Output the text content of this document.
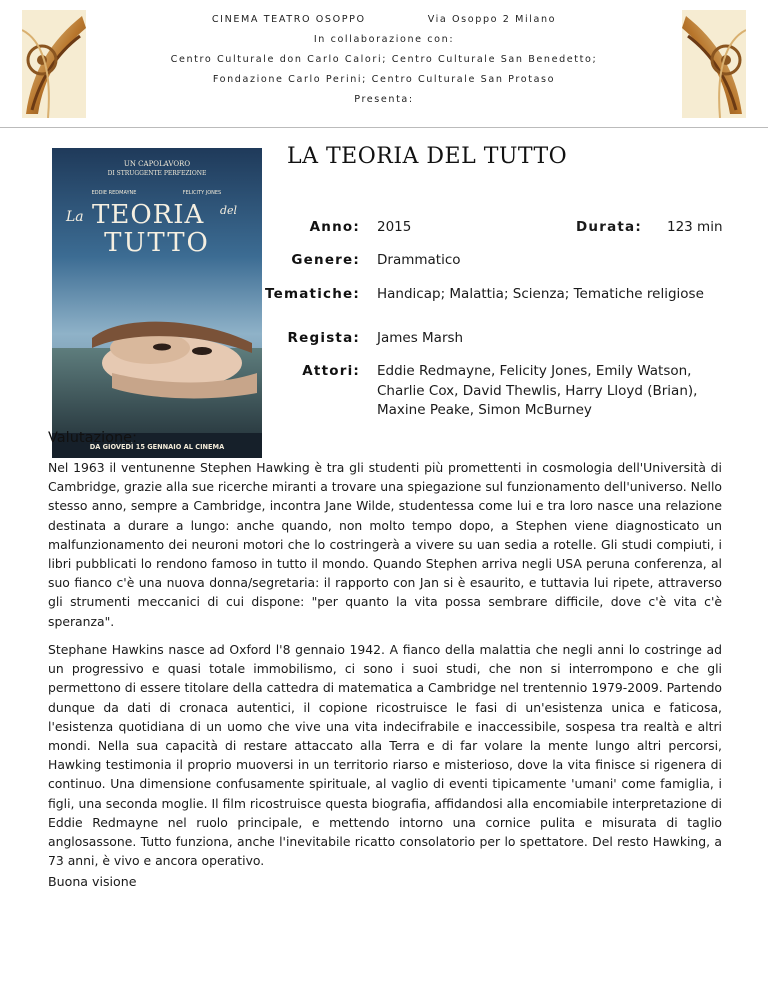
CINEMA TEATRO OSOPPO	Via Osoppo 2 Milano
In collaborazione con:
Centro Culturale don Carlo Calori; Centro Culturale San Benedetto;
Fondazione Carlo Perini; Centro Culturale San Protaso
Presenta:
LA TEORIA DEL TUTTO
UN CAPOLAVORO
DI STRUGGENTE PERFEZIONE
EDDIE REDMAYNE	FELICITY JONES
La TEORIA del
TUTTO
DA GIOVEDÌ 15 GENNAIO AL CINEMA
Anno: 2015	Durata: 123 min
Genere: Drammatico
Tematiche: Handicap; Malattia; Scienza; Tematiche religiose
Regista: James Marsh
Attori: Eddie Redmayne, Felicity Jones, Emily Watson, Charlie Cox, David Thewlis, Harry Lloyd (Brian), Maxine Peake, Simon McBurney
Valutazione:
Nel 1963 il ventunenne Stephen Hawking è tra gli studenti più promettenti in cosmologia dell'Università di Cambridge, grazie alla sue ricerche miranti a trovare una spiegazione sul funzionamento dell'universo. Nello stesso anno, sempre a Cambridge, incontra Jane Wilde, studentessa come lui e tra loro nasce una relazione destinata a durare a lungo: anche quando, non molto tempo dopo, a Stephen viene diagnosticato un malfunzionamento dei neuroni motori che lo costringerà a vivere su uan sedia a rotelle. Gli studi compiuti, i libri pubblicati lo rendono famoso in tutto il mondo. Quando Stephen arriva negli USA peruna conferenza, al suo fianco c'è una nuova donna/segretaria: il rapporto con Jan si è esaurito, e tuttavia lui ripete, attraverso gli strumenti meccanici di cui dispone: "per quanto la vita possa sembrare difficile, dove c'è vita c'è speranza".
Stephane Hawkins nasce ad Oxford l'8 gennaio 1942. A fianco della malattia che negli anni lo costringe ad un progressivo e quasi totale immobilismo, ci sono i suoi studi, che non si interrompono e che gli permettono di essere titolare della cattedra di matematica a Cambridge nel trentennio 1979-2009. Partendo dunque da dati di cronaca autentici, il copione ricostruisce le fasi di un'esistenza unica e faticosa, l'esistenza quotidiana di un uomo che vive una vita indecifrabile e inaccessibile, sospesa tra realtà e altri mondi. Nella sua capacità di restare attaccato alla Terra e di far volare la mente lungo altri percorsi, Hawking testimonia il proprio muoversi in un territorio riarso e misterioso, dove la vita finisce si rigenera di continuo. Una dimensione confusamente spirituale, al vaglio di eventi tipicamente 'umani' come famiglia, i figli, una seconda moglie. Il film ricostruisce questa biografia, affidandosi alla encomiabile interpretazione di Eddie Redmayne nel ruolo principale, e mettendo intorno una cornice pulita e misurata di taglio anglosassone. Tutto funziona, anche l'inevitabile ricatto consolatorio per lo spettatore. Del resto Hawking, a 73 anni, è vivo e ancora operativo.
Buona visione
